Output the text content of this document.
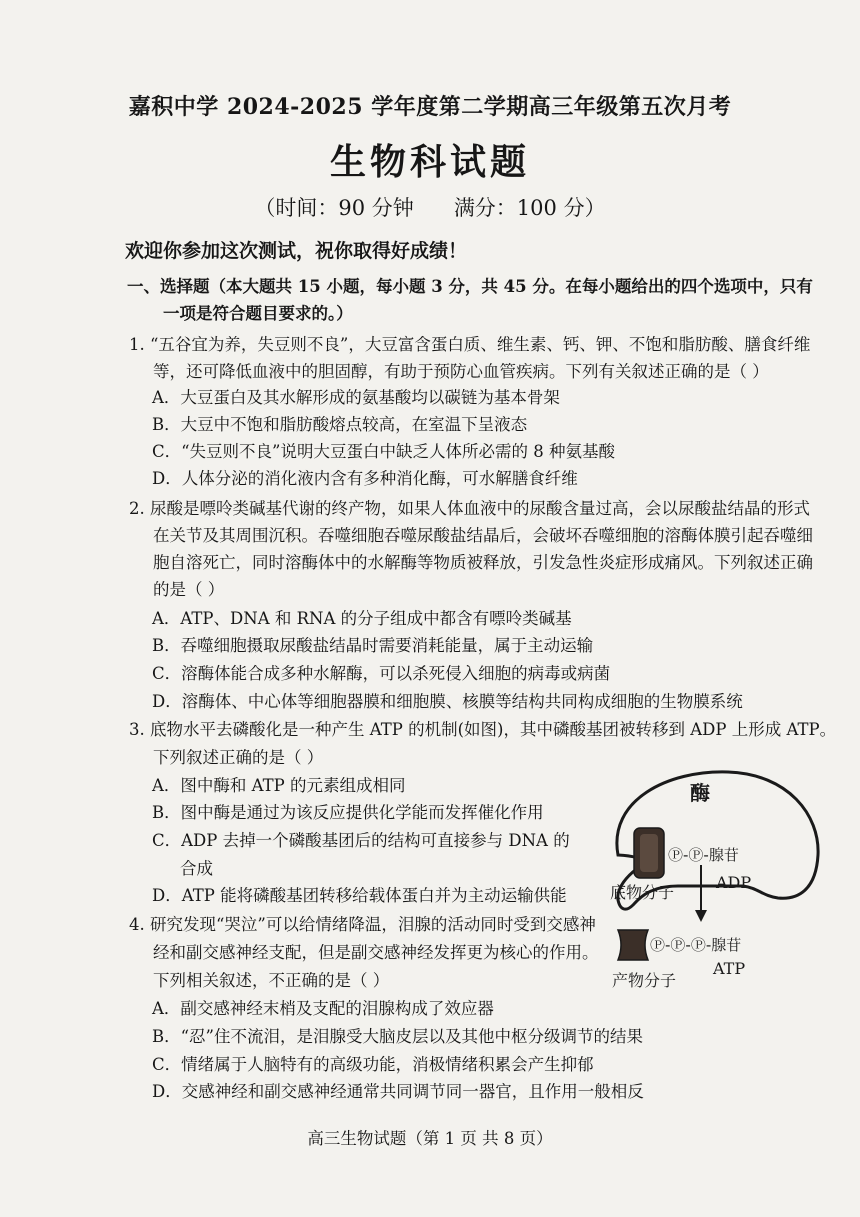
嘉积中学 2024-2025 学年度第二学期高三年级第五次月考
生物科试题
（时间：90 分钟 满分：100 分）
欢迎你参加这次测试，祝你取得好成绩！
一、选择题（本大题共 15 小题，每小题 3 分，共 45 分。在每小题给出的四个选项中，只有
一项是符合题目要求的。）
1. “五谷宜为养，失豆则不良”，大豆富含蛋白质、维生素、钙、钾、不饱和脂肪酸、膳食纤维
等，还可降低血液中的胆固醇，有助于预防心血管疾病。下列有关叙述正确的是（ ）
A．大豆蛋白及其水解形成的氨基酸均以碳链为基本骨架
B．大豆中不饱和脂肪酸熔点较高，在室温下呈液态
C．“失豆则不良”说明大豆蛋白中缺乏人体所必需的 8 种氨基酸
D．人体分泌的消化液内含有多种消化酶，可水解膳食纤维
2. 尿酸是嘌呤类碱基代谢的终产物，如果人体血液中的尿酸含量过高，会以尿酸盐结晶的形式
在关节及其周围沉积。吞噬细胞吞噬尿酸盐结晶后，会破坏吞噬细胞的溶酶体膜引起吞噬细
胞自溶死亡，同时溶酶体中的水解酶等物质被释放，引发急性炎症形成痛风。下列叙述正确
的是（ ）
A．ATP、DNA 和 RNA 的分子组成中都含有嘌呤类碱基
B．吞噬细胞摄取尿酸盐结晶时需要消耗能量，属于主动运输
C．溶酶体能合成多种水解酶，可以杀死侵入细胞的病毒或病菌
D．溶酶体、中心体等细胞器膜和细胞膜、核膜等结构共同构成细胞的生物膜系统
3. 底物水平去磷酸化是一种产生 ATP 的机制(如图)，其中磷酸基团被转移到 ADP 上形成 ATP。
下列叙述正确的是（ ）
A．图中酶和 ATP 的元素组成相同
B．图中酶是通过为该反应提供化学能而发挥催化作用
C．ADP 去掉一个磷酸基团后的结构可直接参与 DNA 的
合成
D．ATP 能将磷酸基团转移给载体蛋白并为主动运输供能
4. 研究发现“哭泣”可以给情绪降温，泪腺的活动同时受到交感神
经和副交感神经支配，但是副交感神经发挥更为核心的作用。
下列相关叙述，不正确的是（ ）
A．副交感神经末梢及支配的泪腺构成了效应器
B．“忍”住不流泪，是泪腺受大脑皮层以及其他中枢分级调节的结果
C．情绪属于人脑特有的高级功能，消极情绪积累会产生抑郁
D．交感神经和副交感神经通常共同调节同一器官，且作用一般相反
酶
Ⓟ-Ⓟ-腺苷
ADP
底物分子
Ⓟ-Ⓟ-Ⓟ-腺苷
ATP
产物分子
高三生物试题（第 1 页 共 8 页）
